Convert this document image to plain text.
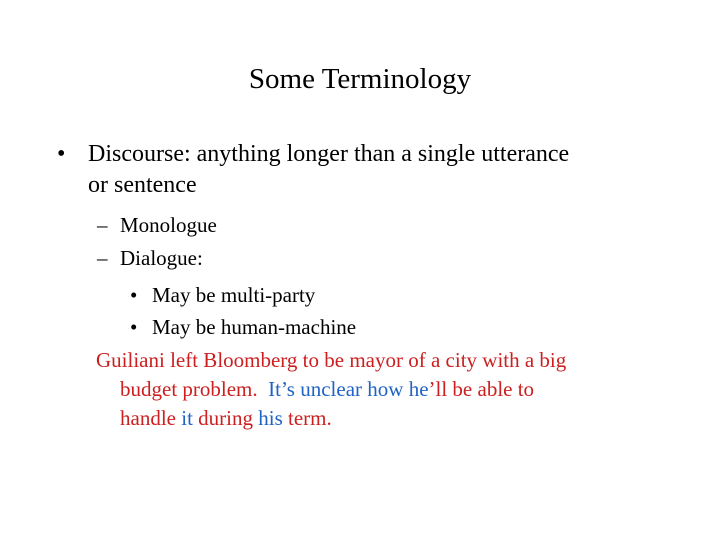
Some Terminology
• Discourse: anything longer than a single utterance
or sentence
– Monologue
– Dialogue:
• May be multi-party
• May be human-machine
Guiliani left Bloomberg to be mayor of a city with a big
budget problem.  It’s unclear how he’ll be able to
handle it during his term.
